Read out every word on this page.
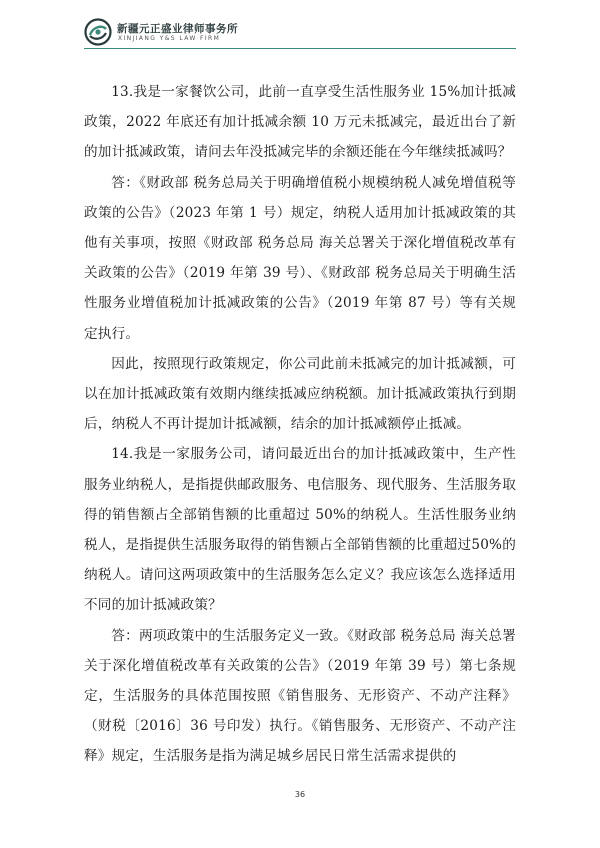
新疆元正盛业律师事务所
XINJIANG Y&S LAW FIRM

13.我是一家餐饮公司，此前一直享受生活性服务业 15%加计抵减政策，2022 年底还有加计抵减余额 10 万元未抵减完，最近出台了新的加计抵减政策，请问去年没抵减完毕的余额还能在今年继续抵减吗？

答：《财政部 税务总局关于明确增值税小规模纳税人减免增值税等政策的公告》（2023 年第 1 号）规定，纳税人适用加计抵减政策的其他有关事项，按照《财政部 税务总局 海关总署关于深化增值税改革有关政策的公告》（2019 年第 39 号）、《财政部 税务总局关于明确生活性服务业增值税加计抵减政策的公告》（2019 年第 87 号）等有关规定执行。

因此，按照现行政策规定，你公司此前未抵减完的加计抵减额，可以在加计抵减政策有效期内继续抵减应纳税额。加计抵减政策执行到期后，纳税人不再计提加计抵减额，结余的加计抵减额停止抵减。

14.我是一家服务公司，请问最近出台的加计抵减政策中，生产性服务业纳税人，是指提供邮政服务、电信服务、现代服务、生活服务取得的销售额占全部销售额的比重超过 50%的纳税人。生活性服务业纳税人，是指提供生活服务取得的销售额占全部销售额的比重超过50%的纳税人。请问这两项政策中的生活服务怎么定义？我应该怎么选择适用不同的加计抵减政策？

答：两项政策中的生活服务定义一致。《财政部 税务总局 海关总署关于深化增值税改革有关政策的公告》（2019 年第 39 号）第七条规定，生活服务的具体范围按照《销售服务、无形资产、不动产注释》（财税〔2016〕36 号印发）执行。《销售服务、无形资产、不动产注释》规定，生活服务是指为满足城乡居民日常生活需求提供的

36
